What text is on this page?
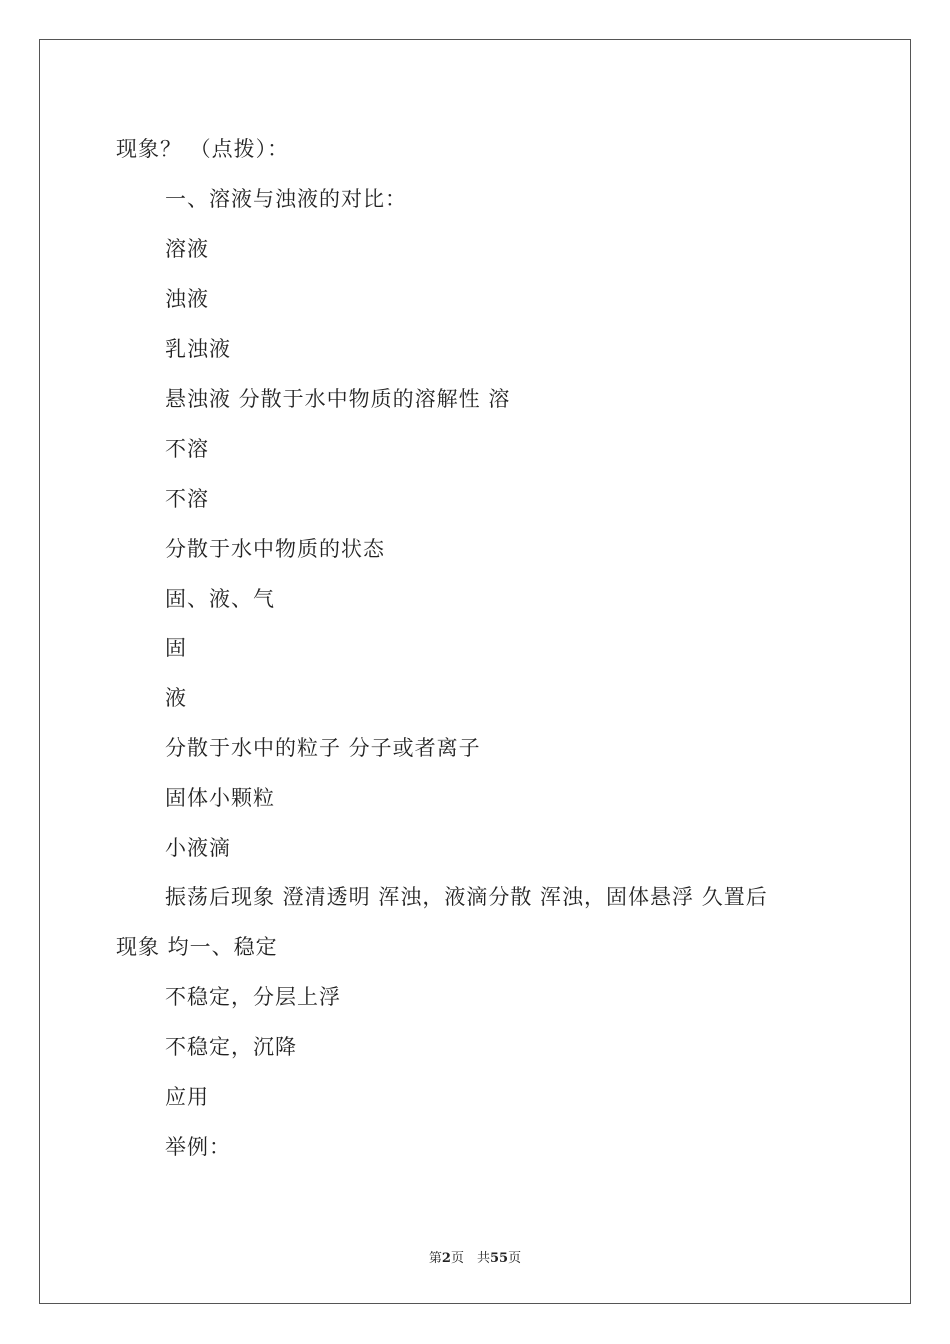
现象？ （点拨）：
一、溶液与浊液的对比：
溶液
浊液
乳浊液
悬浊液 分散于水中物质的溶解性 溶
不溶
不溶
分散于水中物质的状态
固、液、气
固
液
分散于水中的粒子 分子或者离子
固体小颗粒
小液滴
振荡后现象 澄清透明 浑浊，液滴分散 浑浊，固体悬浮 久置后
现象 均一、稳定
不稳定，分层上浮
不稳定，沉降
应用
举例：
第2页　共55页
